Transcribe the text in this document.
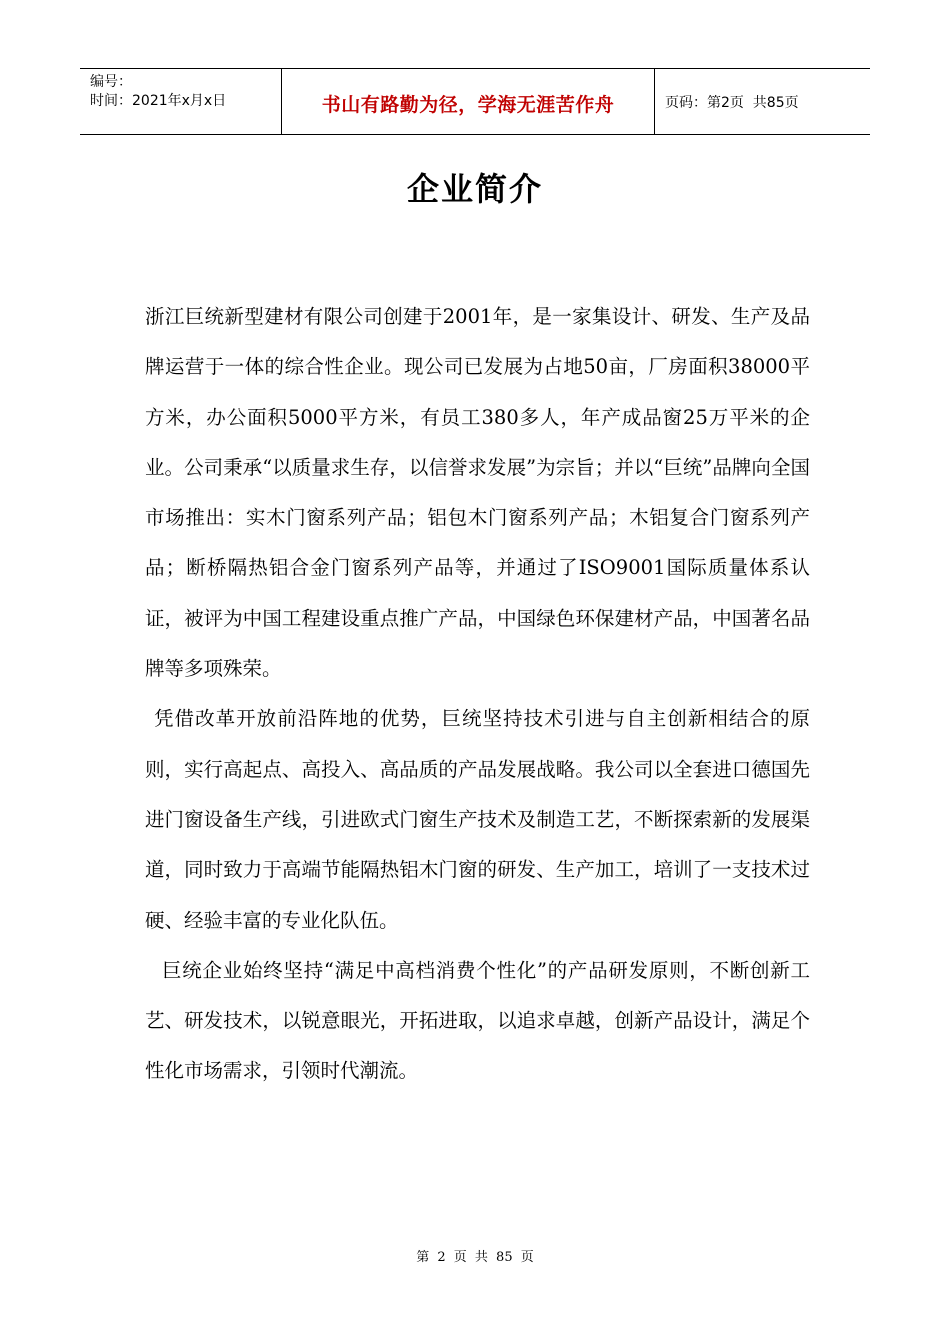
编号：
时间：2021年x月x日	书山有路勤为径，学海无涯苦作舟	页码：第2页  共85页
企业简介

浙江巨统新型建材有限公司创建于2001年，是一家集设计、研发、生产及品牌运营于一体的综合性企业。现公司已发展为占地50亩，厂房面积38000平方米，办公面积5000平方米，有员工380多人，年产成品窗25万平米的企业。公司秉承“以质量求生存，以信誉求发展”为宗旨；并以“巨统”品牌向全国市场推出：实木门窗系列产品；铝包木门窗系列产品；木铝复合门窗系列产品；断桥隔热铝合金门窗系列产品等，并通过了ISO9001国际质量体系认证，被评为中国工程建设重点推广产品，中国绿色环保建材产品，中国著名品牌等多项殊荣。

凭借改革开放前沿阵地的优势，巨统坚持技术引进与自主创新相结合的原则，实行高起点、高投入、高品质的产品发展战略。我公司以全套进口德国先进门窗设备生产线，引进欧式门窗生产技术及制造工艺，不断探索新的发展渠道，同时致力于高端节能隔热铝木门窗的研发、生产加工，培训了一支技术过硬、经验丰富的专业化队伍。

巨统企业始终坚持“满足中高档消费个性化”的产品研发原则，不断创新工艺、研发技术，以锐意眼光，开拓进取，以追求卓越，创新产品设计，满足个性化市场需求，引领时代潮流。

第 2 页 共 85 页
